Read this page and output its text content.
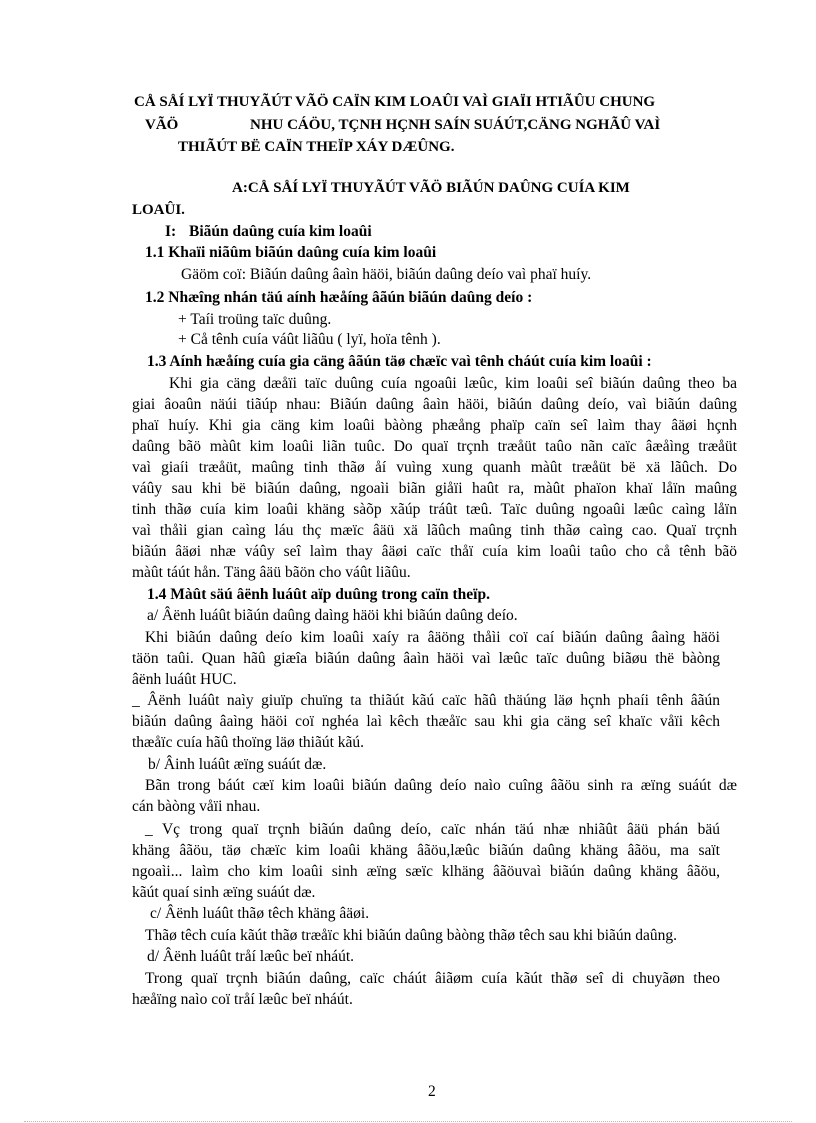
CÅ SÅÍ LYÏ THUYÃÚT VÃÖ CAÏN KIM LOAÛI VAÌ GIAÏI HTIÃÛU CHUNG
VÃÖ	NHU CÁÖU, TÇNH HÇNH SAÍN SUÁÚT,CÄNG NGHÃÛ VAÌ
THIÃÚT BË CAÏN THEÏP XÁY DÆÛNG.
A:CÅ SÅÍ LYÏ THUYÃÚT VÃÖ BIÃÚN DAÛNG CUÍA KIM
LOAÛI.
I: Biãún daûng cuía kim loaûi
1.1 Khaïi niãûm biãún daûng cuía kim loaûi
Gäöm coï: Biãún daûng âaìn häöi, biãún daûng deío vaì phaï huíy.
1.2 Nhæîng nhán täú aính hæåíng âãún biãún daûng deío :
+ Taíi troüng taïc duûng.
+ Cå tênh cuía váût liãûu ( lyï, hoïa tênh ).
1.3 Aính hæåíng cuía gia cäng âãún täø chæïc vaì tênh cháút cuía kim loaûi :
Khi gia cäng dæåïi taïc duûng cuía ngoaûi læûc, kim loaûi seî biãún daûng theo ba
giai âoaûn näúi tiãúp nhau: Biãún daûng âaìn häöi, biãún daûng deío, vaì biãún daûng
phaï huíy. Khi gia cäng kim loaûi bàòng phæång phaïp caïn seî laìm thay âäøi hçnh
daûng bãö màût kim loaûi liãn tuûc. Do quaï trçnh træåüt taûo nãn caïc âæåìng træåüt
vaì giaíi træåüt, maûng tinh thãø åí vuìng xung quanh màût træåüt bë xä lãûch. Do
váûy sau khi bë biãún daûng, ngoaìi biãn giåïi haût ra, màût phaïon khaï låïn maûng
tinh thãø cuía kim loaûi khäng sàõp xãúp tráût tæû. Taïc duûng ngoaûi læûc caìng låïn
vaì thåìi gian caìng láu thç mæïc âäü xä lãûch maûng tinh thãø caìng cao. Quaï trçnh
biãún âäøi nhæ váûy seî laìm thay âäøi caïc thåï cuía kim loaûi taûo cho cå tênh bãö
màût táút hån. Täng âäü bãön cho váût liãûu.
1.4 Màût säú âënh luáût aïp duûng trong caïn theïp.
a/ Âënh luáût biãún daûng daìng häöi khi biãún daûng deío.
Khi biãún daûng deío kim loaûi xaíy ra âäöng thåìi coï caí biãún daûng âaìng häöi
täön taûi. Quan hãû giæîa biãún daûng âaìn häöi vaì læûc taïc duûng biãøu thë bàòng
âënh luáût HUC.
_ Âënh luáût naìy giuïp chuïng ta thiãút kãú caïc hãû thäúng läø hçnh phaíi tênh âãún
biãún daûng âaìng häöi coï nghéa laì kêch thæåïc sau khi gia cäng seî khaïc våïi kêch
thæåïc cuía hãû thoïng läø thiãút kãú.
b/ Âinh luáût æïng suáút dæ.
Bãn trong báút cæï kim loaûi biãún daûng deío naìo cuîng âãöu sinh ra æïng suáút dæ
cán bàòng våïi nhau.
_ Vç trong quaï trçnh biãún daûng deío, caïc nhán täú nhæ nhiãût âäü phán bäú
khäng âãöu, täø chæïc kim loaûi khäng âãöu,læûc biãún daûng khäng âãöu, ma saït
ngoaìi... laìm cho kim loaûi sinh æïng sæïc klhäng âãöuvaì biãún daûng khäng âãöu,
kãút quaí sinh æïng suáút dæ.
c/ Âënh luáût thãø têch khäng âäøi.
Thãø têch cuía kãút thãø træåïc khi biãún daûng bàòng thãø têch sau khi biãún daûng.
d/ Âënh luáût tråí læûc beï nháút.
Trong quaï trçnh biãún daûng, caïc cháút âiãøm cuía kãút thãø seî di chuyãøn theo
hæåïng naìo coï tråí læûc beï nháút.
2
